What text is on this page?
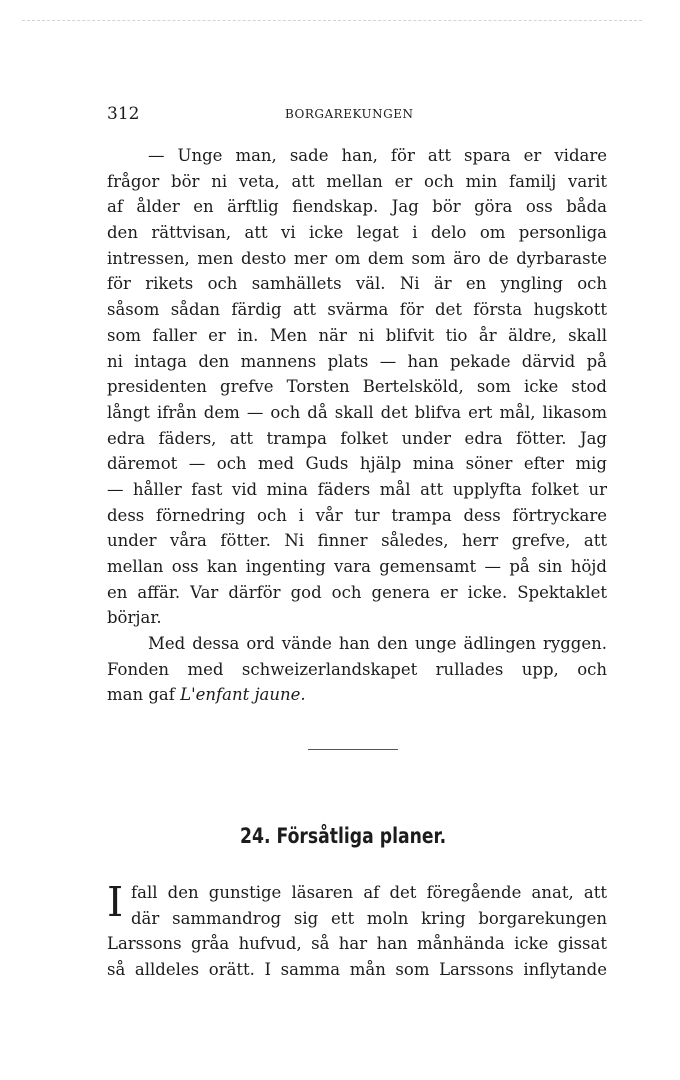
312	BORGAREKUNGEN
— Unge man, sade han, för att spara er vidare
frågor bör ni veta, att mellan er och min familj varit
af ålder en ärftlig fiendskap. Jag bör göra oss båda
den rättvisan, att vi icke legat i delo om personliga
intressen, men desto mer om dem som äro de dyrbaraste
för rikets och samhällets väl. Ni är en yngling och
såsom sådan färdig att svärma för det första hugskott
som faller er in. Men när ni blifvit tio år äldre, skall
ni intaga den mannens plats — han pekade därvid på
presidenten grefve Torsten Bertelsköld, som icke stod
långt ifrån dem — och då skall det blifva ert mål, likasom
edra fäders, att trampa folket under edra fötter. Jag
däremot — och med Guds hjälp mina söner efter mig
— håller fast vid mina fäders mål att upplyfta folket ur
dess förnedring och i vår tur trampa dess förtryckare
under våra fötter. Ni finner således, herr grefve, att
mellan oss kan ingenting vara gemensamt — på sin höjd
en affär. Var därför god och genera er icke. Spektaklet
börjar.
Med dessa ord vände han den unge ädlingen ryggen.
Fonden med schweizerlandskapet rullades upp, och
man gaf L'enfant jaune.
24. Försåtliga planer.
I fall den gunstige läsaren af det föregående anat, att
där sammandrog sig ett moln kring borgarekungen
Larssons gråa hufvud, så har han månhända icke gissat
så alldeles orätt. I samma mån som Larssons inflytande
